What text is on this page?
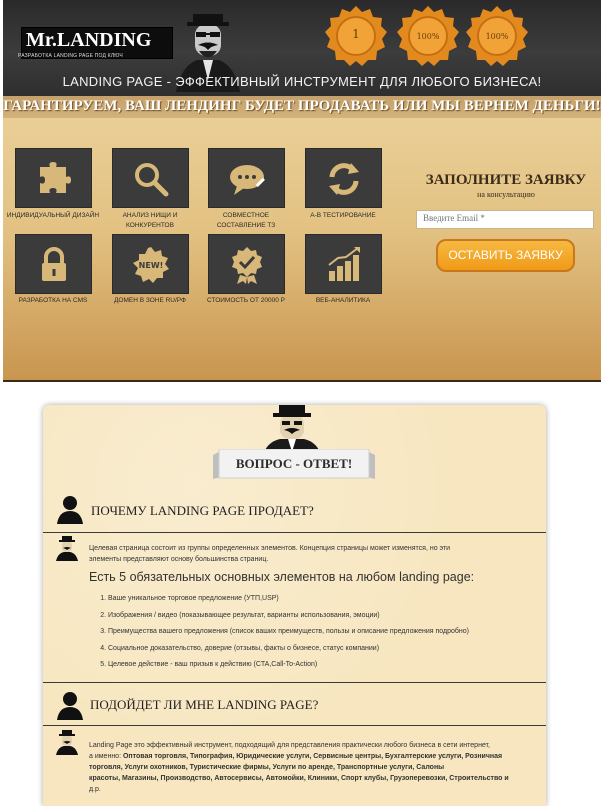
Mr.LANDING
РАЗРАБОТКА LANDING PAGE ПОД КЛЮЧ
1	100%	100%
LANDING PAGE - ЭФФЕКТИВНЫЙ ИНСТРУМЕНТ ДЛЯ ЛЮБОГО БИЗНЕСА!
ГАРАНТИРУЕМ, ВАШ ЛЕНДИНГ БУДЕТ ПРОДАВАТЬ ИЛИ МЫ ВЕРНЕМ ДЕНЬГИ!
ИНДИВИДУАЛЬНЫЙ ДИЗАЙН	АНАЛИЗ НИЩИ И КОНКУРЕНТОВ
СОВМЕСТНОЕ СОСТАВЛЕНИЕ ТЗ
A-B ТЕСТИРОВАНИЕ
РАЗРАБОТКА НА CMS
NEW!
ДОМЕН В ЗОНЕ RU/РФ	СТОИМОСТЬ ОТ 20000 Р	ВЕБ-АНАЛИТИКА
ЗАПОЛНИТЕ ЗАЯВКУ
на консультацию
Введите Email *
ОСТАВИТЬ ЗАЯВКУ
ВОПРОС - ОТВЕТ!
ПОЧЕМУ LANDING PAGE ПРОДАЕТ?
Целевая страница состоит из группы определенных элементов. Концепция страницы может изменятся, но эти
элементы представляют основу большинства страниц.
Есть 5 обязательных основных элементов на любом landing page:
1. Ваше уникальное торговое предложение (УТП,USP)
2. Изображения / видео (показывающее результат, варианты использования, эмоции)
3. Преимущества вашего предложения (список ваших преимуществ, пользы и описание предложения подробно)
4. Социальное доказательство, доверие (отзывы, факты о бизнесе, статус компании)
5. Целевое действие - ваш призыв к действию (CTA,Call-To-Action)
ПОДОЙДЕТ ЛИ МНЕ LANDING PAGE?
Landing Page это эффективный инструмент, подходящий для представления практически любого бизнеса в сети интернет,
а именно: Оптовая торговля, Типография, Юридические услуги, Сервисные центры, Бухгалтерские услуги, Розничная
торговля, Услуги охотников, Туристические фирмы, Услуги по аренде, Транспортные услуги, Салоны
красоты, Магазины, Производство, Автосервисы, Автомойки, Клиники, Спорт клубы, Грузоперевозки, Строительство и
д.р.
